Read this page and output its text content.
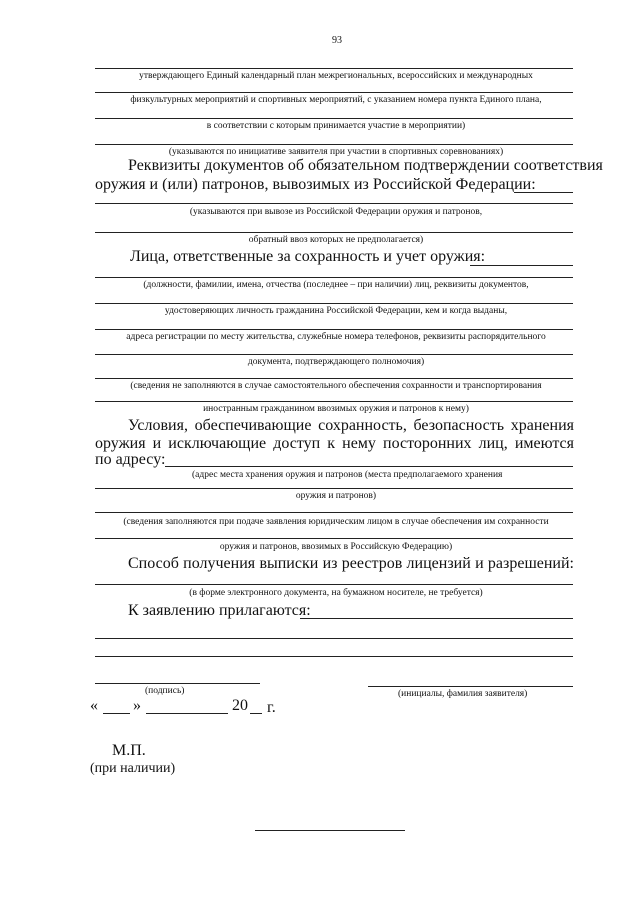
93
утверждающего Единый календарный план межрегиональных, всероссийских и международных
физкультурных мероприятий и спортивных мероприятий, с указанием номера пункта Единого плана,
в соответствии с которым принимается участие в мероприятии)
(указываются по инициативе заявителя при участии в спортивных соревнованиях)
Реквизиты документов об обязательном подтверждении соответствия
оружия и (или) патронов, вывозимых из Российской Федерации:
(указываются при вывозе из Российской Федерации оружия и патронов,
обратный ввоз которых не предполагается)
Лица, ответственные за сохранность и учет оружия:
(должности, фамилии, имена, отчества (последнее – при наличии) лиц, реквизиты документов,
удостоверяющих личность гражданина Российской Федерации, кем и когда выданы,
адреса регистрации по месту жительства, служебные номера телефонов, реквизиты распорядительного
документа, подтверждающего полномочия)
(сведения не заполняются в случае самостоятельного обеспечения сохранности и транспортирования
иностранным гражданином ввозимых оружия и патронов к нему)
Условия, обеспечивающие сохранность, безопасность хранения
оружия и исключающие доступ к нему посторонних лиц, имеются
по адресу:
(адрес места хранения оружия и патронов (места предполагаемого хранения
оружия и патронов)
(сведения заполняются при подаче заявления юридическим лицом в случае обеспечения им сохранности
оружия и патронов, ввозимых в Российскую Федерацию)
Способ получения выписки из реестров лицензий и разрешений:
(в форме электронного документа, на бумажном носителе, не требуется)
К заявлению прилагаются:
(подпись)	(инициалы, фамилия заявителя)
« »	20 г.
М.П.
(при наличии)
